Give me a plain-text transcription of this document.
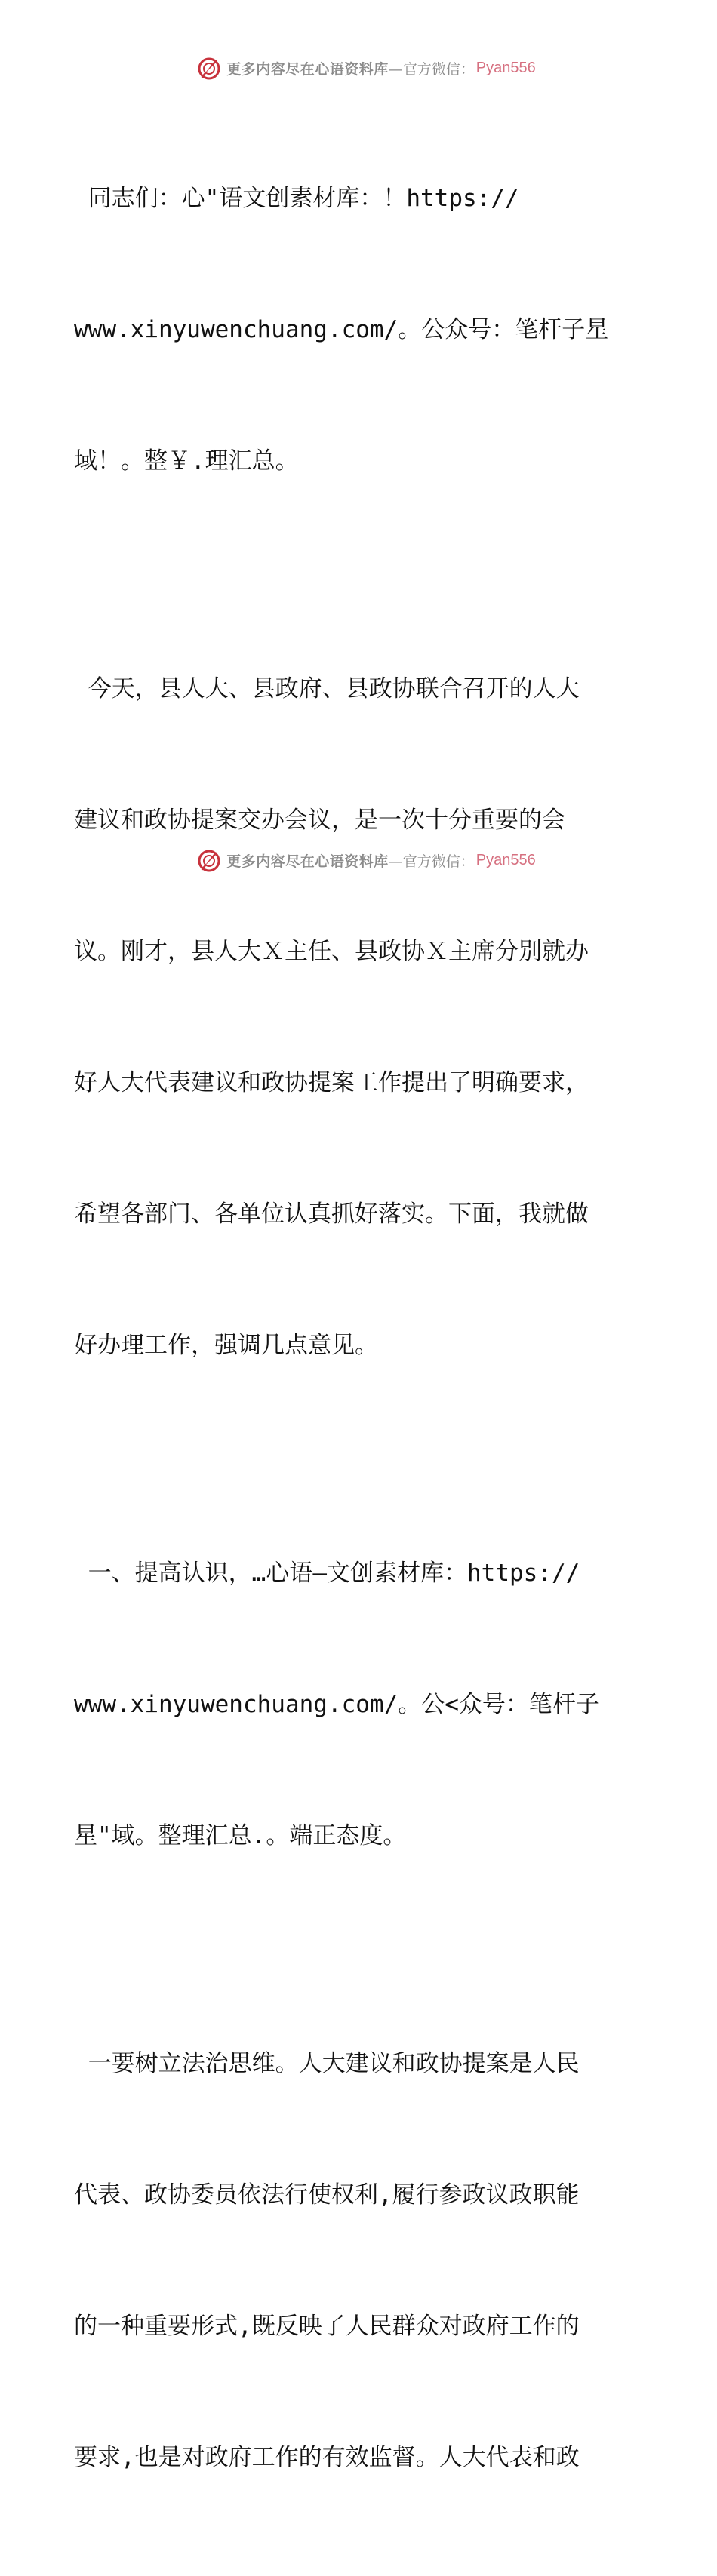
更多内容尽在心语资料库 —官方微信： Pyan556

同志们：心"语文创素材库：！https://

www.xinyuwenchuang.com/。公众号：笔杆子星

域！。整￥.理汇总。

今天，县人大、县政府、县政协联合召开的人大

建议和政协提案交办会议，是一次十分重要的会

议。刚才，县人大Ｘ主任、县政协Ｘ主席分别就办

好人大代表建议和政协提案工作提出了明确要求，

希望各部门、各单位认真抓好落实。下面，我就做

好办理工作，强调几点意见。

一、提高认识，…心语—文创素材库：https://

www.xinyuwenchuang.com/。公<众号：笔杆子

星"域。整理汇总.。端正态度。

一要树立法治思维。人大建议和政协提案是人民

代表、政协委员依法行使权利,履行参政议政职能

的一种重要形式,既反映了人民群众对政府工作的

要求,也是对政府工作的有效监督。人大代表和政

更多内容尽在心语资料库 —官方微信： Pyan556
